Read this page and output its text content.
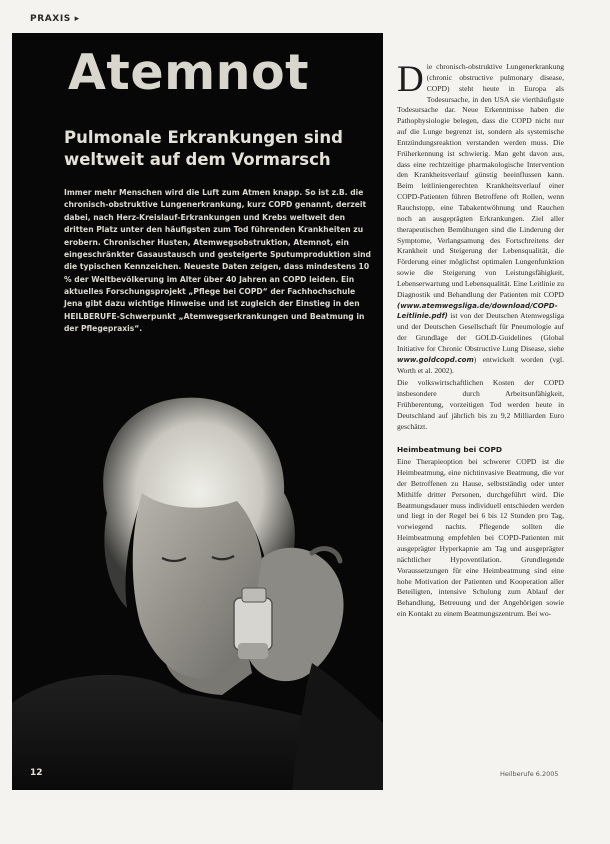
PRAXIS ▸
Atemnot
Pulmonale Erkrankungen sind weltweit auf dem Vormarsch

Immer mehr Menschen wird die Luft zum Atmen knapp. So ist z.B. die chronisch-obstruktive Lungenerkrankung, kurz COPD genannt, derzeit dabei, nach Herz-Kreislauf-Erkrankungen und Krebs weltweit den dritten Platz unter den häufigsten zum Tod führenden Krankheiten zu erobern. Chronischer Husten, Atemwegsobstruktion, Atemnot, ein eingeschränkter Gasaustausch und gesteigerte Sputumproduktion sind die typischen Kennzeichen. Neueste Daten zeigen, dass mindestens 10 % der Weltbevölkerung im Alter über 40 Jahren an COPD leiden. Ein aktuelles Forschungsprojekt „Pflege bei COPD“ der Fachhochschule Jena gibt dazu wichtige Hinweise und ist zugleich der Einstieg in den HEILBERUFE-Schwerpunkt „Atemwegserkrankungen und Beatmung in der Pflegepraxis“.

12

D ie chronisch-obstruktive Lungenerkrankung (chronic obstructive pulmonary disease, COPD) steht heute in Europa als Todesursache, in den USA sie vierthäufigste Todesursache dar. Neue Erkenntnisse haben die Pathophysiologie belegen, dass die COPD nicht nur auf die Lunge begrenzt ist, sondern als systemische Entzündungsreaktion verstanden werden muss. Die Früherkennung ist schwierig. Man geht davon aus, dass eine rechtzeitige pharmakologische Intervention den Krankheitsverlauf günstig beeinflussen kann. Beim leitliniengerechten Krankheitsverlauf einer COPD-Patienten führen Betroffene oft Rollen, wenn Rauchstopp, eine Tabakentwöhnung und Rauchen noch an ausgeprägten Erkrankungen. Ziel aller therapeutischen Bemühungen sind die Linderung der Symptome, Verlangsamung des Fortschreitens der Krankheit und Steigerung der Lebensqualität, die Förderung einer möglichst optimalen Lungenfunktion sowie die Steigerung von Leistungsfähigkeit, Lebenserwartung und Lebensqualität. Eine Leitlinie zu Diagnostik und Behandlung der Patienten mit COPD (www.atemwegsliga.de/download/COPD-Leitlinie.pdf) ist von der Deutschen Atemwegsliga und der Deutschen Gesellschaft für Pneumologie auf der Grundlage der GOLD-Guidelines (Global Initiative for Chronic Obstructive Lung Disease, siehe www.goldcopd.com) entwickelt worden (vgl. Worth et al. 2002).

Die volkswirtschaftlichen Kosten der COPD insbesondere durch Arbeitsunfähigkeit, Frühberentung, vorzeitigen Tod werden heute in Deutschland auf jährlich bis zu 9,2 Milliarden Euro geschätzt.

Heimbeatmung bei COPD

Eine Therapieoption bei schwerer COPD ist die Heimbeatmung, eine nichtinvasive Beatmung, die vor der Betroffenen zu Hause, selbstständig oder unter Mithilfe dritter Personen, durchgeführt wird. Die Beatmungsdauer muss individuell entschieden werden und liegt in der Regel bei 6 bis 12 Stunden pro Tag, vorwiegend nachts. Pflegende sollten die Heimbeatmung empfehlen bei COPD-Patienten mit ausgeprägter Hyperkapnie am Tag und ausgeprägter nächtlicher Hypoventilation. Grundlegende Voraussetzungen für eine Heimbeatmung sind eine hohe Motivation der Patienten und Kooperation aller Beteiligten, intensive Schulung zum Ablauf der Behandlung, Betreuung und der Angehörigen sowie ein Kontakt zu einem Beatmungszentrum. Bei wo-

Heilberufe 6.2005
